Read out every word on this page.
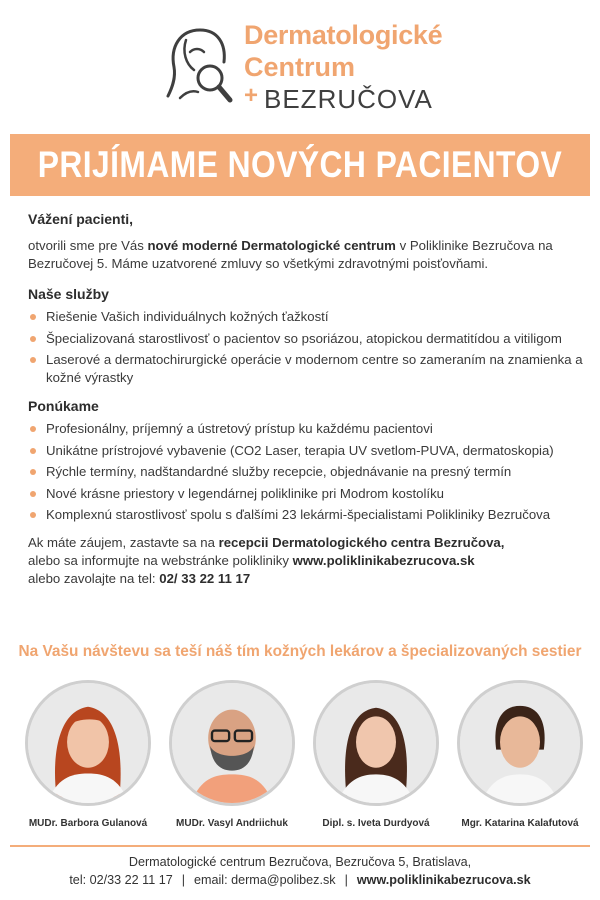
Dermatologické
Centrum
+ BEZRUČOVA
PRIJÍMAME NOVÝCH PACIENTOV
Vážení pacienti,
otvorili sme pre Vás nové moderné Dermatologické centrum v Poliklinike Bezručova na Bezručovej 5. Máme uzatvorené zmluvy so všetkými zdravotnými poisťovňami.
Naše služby
Riešenie Vašich individuálnych kožných ťažkostí
Špecializovaná starostlivosť o pacientov so psoriázou, atopickou dermatitídou a vitiligom
Laserové a dermatochirurgické operácie v modernom centre so zameraním na znamienka a kožné výrastky
Ponúkame
Profesionálny, príjemný a ústretový prístup ku každému pacientovi
Unikátne prístrojové vybavenie (CO2 Laser, terapia UV svetlom-PUVA, dermatoskopia)
Rýchle termíny, nadštandardné služby recepcie, objednávanie na presný termín
Nové krásne priestory v legendárnej poliklinike pri Modrom kostolíku
Komplexnú starostlivosť spolu s ďalšími 23 lekármi-špecialistami Polikliniky Bezručova
Ak máte záujem, zastavte sa na recepcii Dermatologického centra Bezručova,
alebo sa informujte na webstránke polikliniky www.poliklinikabezrucova.sk
alebo zavolajte na tel: 02/ 33 22 11 17
Na Vašu návštevu sa teší náš tím kožných lekárov a špecializovaných sestier
MUDr. Barbora Gulanová	MUDr. Vasyl Andriichuk	Dipl. s. Iveta Durdyová	Mgr. Katarina Kalafutová
Dermatologické centrum Bezručova, Bezručova 5, Bratislava,
tel: 02/33 22 11 17 | email: derma@polibez.sk | www.poliklinikabezrucova.sk
